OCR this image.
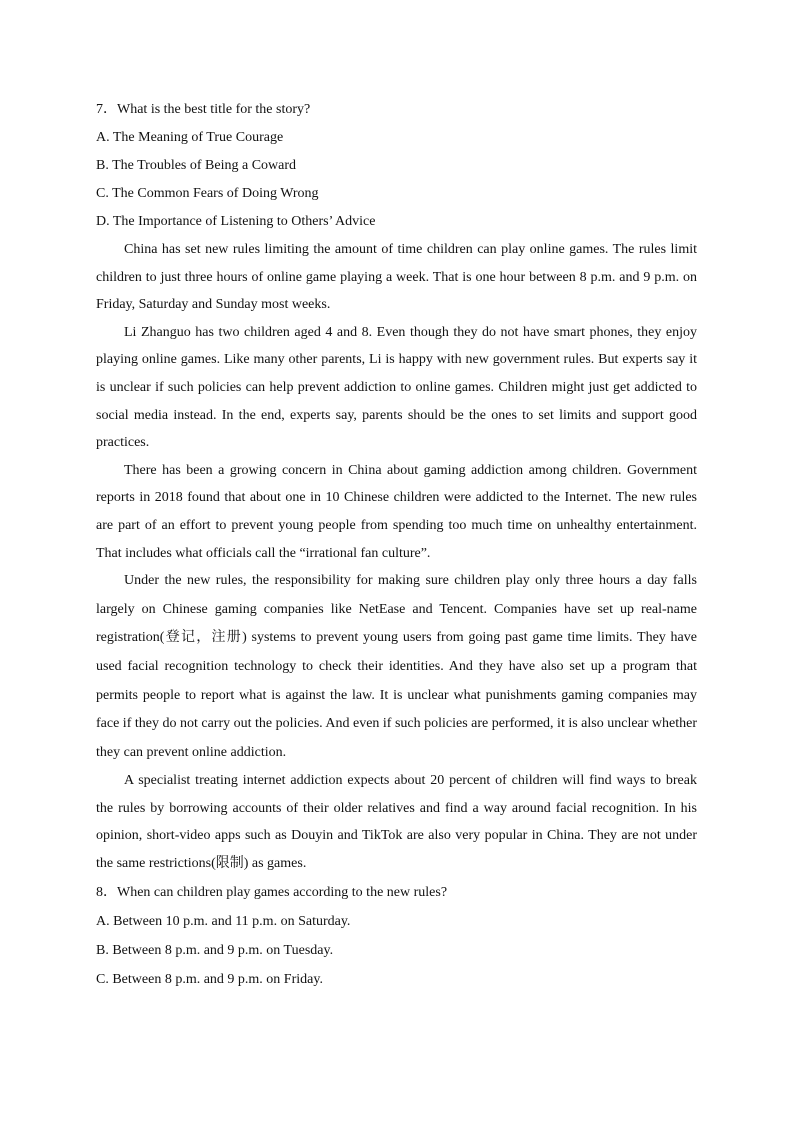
7．What is the best title for the story?
A. The Meaning of True Courage
B. The Troubles of Being a Coward
C. The Common Fears of Doing Wrong
D. The Importance of Listening to Others’ Advice

China has set new rules limiting the amount of time children can play online games. The rules limit children to just three hours of online game playing a week. That is one hour between 8 p.m. and 9 p.m. on Friday, Saturday and Sunday most weeks.

Li Zhanguo has two children aged 4 and 8. Even though they do not have smart phones, they enjoy playing online games. Like many other parents, Li is happy with new government rules. But experts say it is unclear if such policies can help prevent addiction to online games. Children might just get addicted to social media instead. In the end, experts say, parents should be the ones to set limits and support good practices.

There has been a growing concern in China about gaming addiction among children. Government reports in 2018 found that about one in 10 Chinese children were addicted to the Internet. The new rules are part of an effort to prevent young people from spending too much time on unhealthy entertainment. That includes what officials call the “irrational fan culture”.

Under the new rules, the responsibility for making sure children play only three hours a day falls largely on Chinese gaming companies like NetEase and Tencent. Companies have set up real-name registration(登记，注册) systems to prevent young users from going past game time limits. They have used facial recognition technology to check their identities. And they have also set up a program that permits people to report what is against the law. It is unclear what punishments gaming companies may face if they do not carry out the policies. And even if such policies are performed, it is also unclear whether they can prevent online addiction.

A specialist treating internet addiction expects about 20 percent of children will find ways to break the rules by borrowing accounts of their older relatives and find a way around facial recognition. In his opinion, short-video apps such as Douyin and TikTok are also very popular in China. They are not under the same restrictions(限制) as games.

8．When can children play games according to the new rules?
A. Between 10 p.m. and 11 p.m. on Saturday.
B. Between 8 p.m. and 9 p.m. on Tuesday.
C. Between 8 p.m. and 9 p.m. on Friday.
